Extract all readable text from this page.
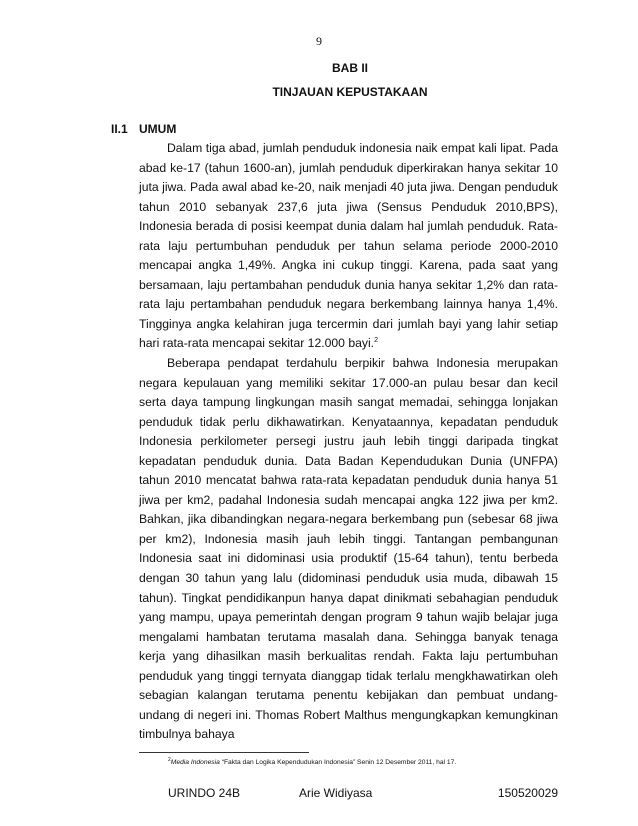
9
BAB II
TINJAUAN KEPUSTAKAAN
II.1 UMUM

Dalam tiga abad, jumlah penduduk indonesia naik empat kali lipat. Pada abad ke-17 (tahun 1600-an), jumlah penduduk diperkirakan hanya sekitar 10 juta jiwa. Pada awal abad ke-20, naik menjadi 40 juta jiwa. Dengan penduduk tahun 2010 sebanyak 237,6 juta jiwa (Sensus Penduduk 2010,BPS), Indonesia berada di posisi keempat dunia dalam hal jumlah penduduk. Rata-rata laju pertumbuhan penduduk per tahun selama periode 2000-2010 mencapai angka 1,49%. Angka ini cukup tinggi. Karena, pada saat yang bersamaan, laju pertambahan penduduk dunia hanya sekitar 1,2% dan rata-rata laju pertambahan penduduk negara berkembang lainnya hanya 1,4%. Tingginya angka kelahiran juga tercermin dari jumlah bayi yang lahir setiap hari rata-rata mencapai sekitar 12.000 bayi.$^2$

Beberapa pendapat terdahulu berpikir bahwa Indonesia merupakan negara kepulauan yang memiliki sekitar 17.000-an pulau besar dan kecil serta daya tampung lingkungan masih sangat memadai, sehingga lonjakan penduduk tidak perlu dikhawatirkan. Kenyataannya, kepadatan penduduk Indonesia perkilometer persegi justru jauh lebih tinggi daripada tingkat kepadatan penduduk dunia. Data Badan Kependudukan Dunia (UNFPA) tahun 2010 mencatat bahwa rata-rata kepadatan penduduk dunia hanya 51 jiwa per km2, padahal Indonesia sudah mencapai angka 122 jiwa per km2. Bahkan, jika dibandingkan negara-negara berkembang pun (sebesar 68 jiwa per km2), Indonesia masih jauh lebih tinggi. Tantangan pembangunan Indonesia saat ini didominasi usia produktif (15-64 tahun), tentu berbeda dengan 30 tahun yang lalu (didominasi penduduk usia muda, dibawah 15 tahun). Tingkat pendidikanpun hanya dapat dinikmati sebahagian penduduk yang mampu, upaya pemerintah dengan program 9 tahun wajib belajar juga mengalami hambatan terutama masalah dana. Sehingga banyak tenaga kerja yang dihasilkan masih berkualitas rendah. Fakta laju pertumbuhan penduduk yang tinggi ternyata dianggap tidak terlalu mengkhawatirkan oleh sebagian kalangan terutama penentu kebijakan dan pembuat undang-undang di negeri ini. Thomas Robert Malthus mengungkapkan kemungkinan timbulnya bahaya

$^2$Media Indonesia “Fakta dan Logika Kependudukan Indonesia” Senin 12 Desember 2011, hal 17.
URINDO 24B	Arie Widiyasa	150520029
